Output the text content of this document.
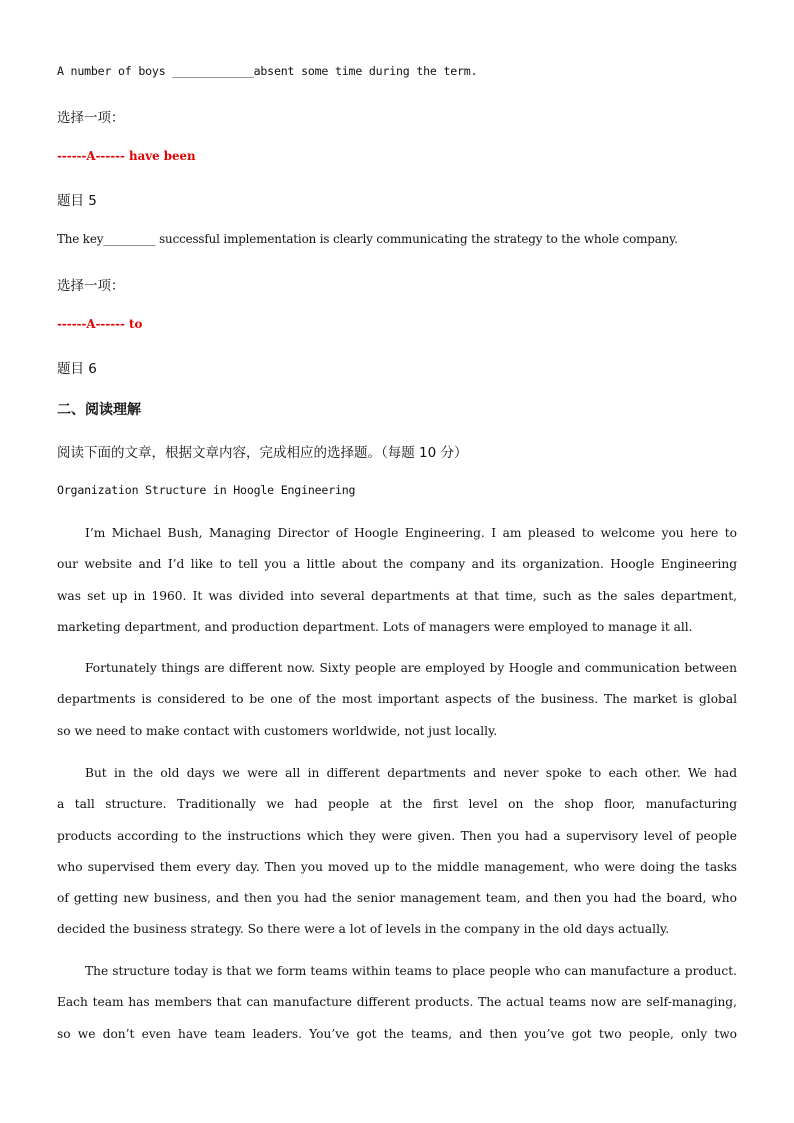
A number of boys ____________absent some time during the term.
选择一项：
------A------ have been
题目 5
The key_________ successful implementation is clearly communicating the strategy to the whole company.
选择一项：
------A------ to
题目 6
二、阅读理解
阅读下面的文章，根据文章内容，完成相应的选择题。（每题 10 分）
Organization Structure in Hoogle Engineering
I’m Michael Bush, Managing Director of Hoogle Engineering. I am pleased to welcome you here to
our website and I’d like to tell you a little about the company and its organization. Hoogle Engineering
was set up in 1960. It was divided into several departments at that time, such as the sales department,
marketing department, and production department. Lots of managers were employed to manage it all.
Fortunately things are different now. Sixty people are employed by Hoogle and communication between
departments is considered to be one of the most important aspects of the business. The market is global
so we need to make contact with customers worldwide, not just locally.
But in the old days we were all in different departments and never spoke to each other. We had
a tall structure. Traditionally we had people at the first level on the shop floor, manufacturing
products according to the instructions which they were given. Then you had a supervisory level of people
who supervised them every day. Then you moved up to the middle management, who were doing the tasks
of getting new business, and then you had the senior management team, and then you had the board, who
decided the business strategy. So there were a lot of levels in the company in the old days actually.
The structure today is that we form teams within teams to place people who can manufacture a product.
Each team has members that can manufacture different products. The actual teams now are self-managing,
so we don’t even have team leaders. You’ve got the teams, and then you’ve got two people, only two
